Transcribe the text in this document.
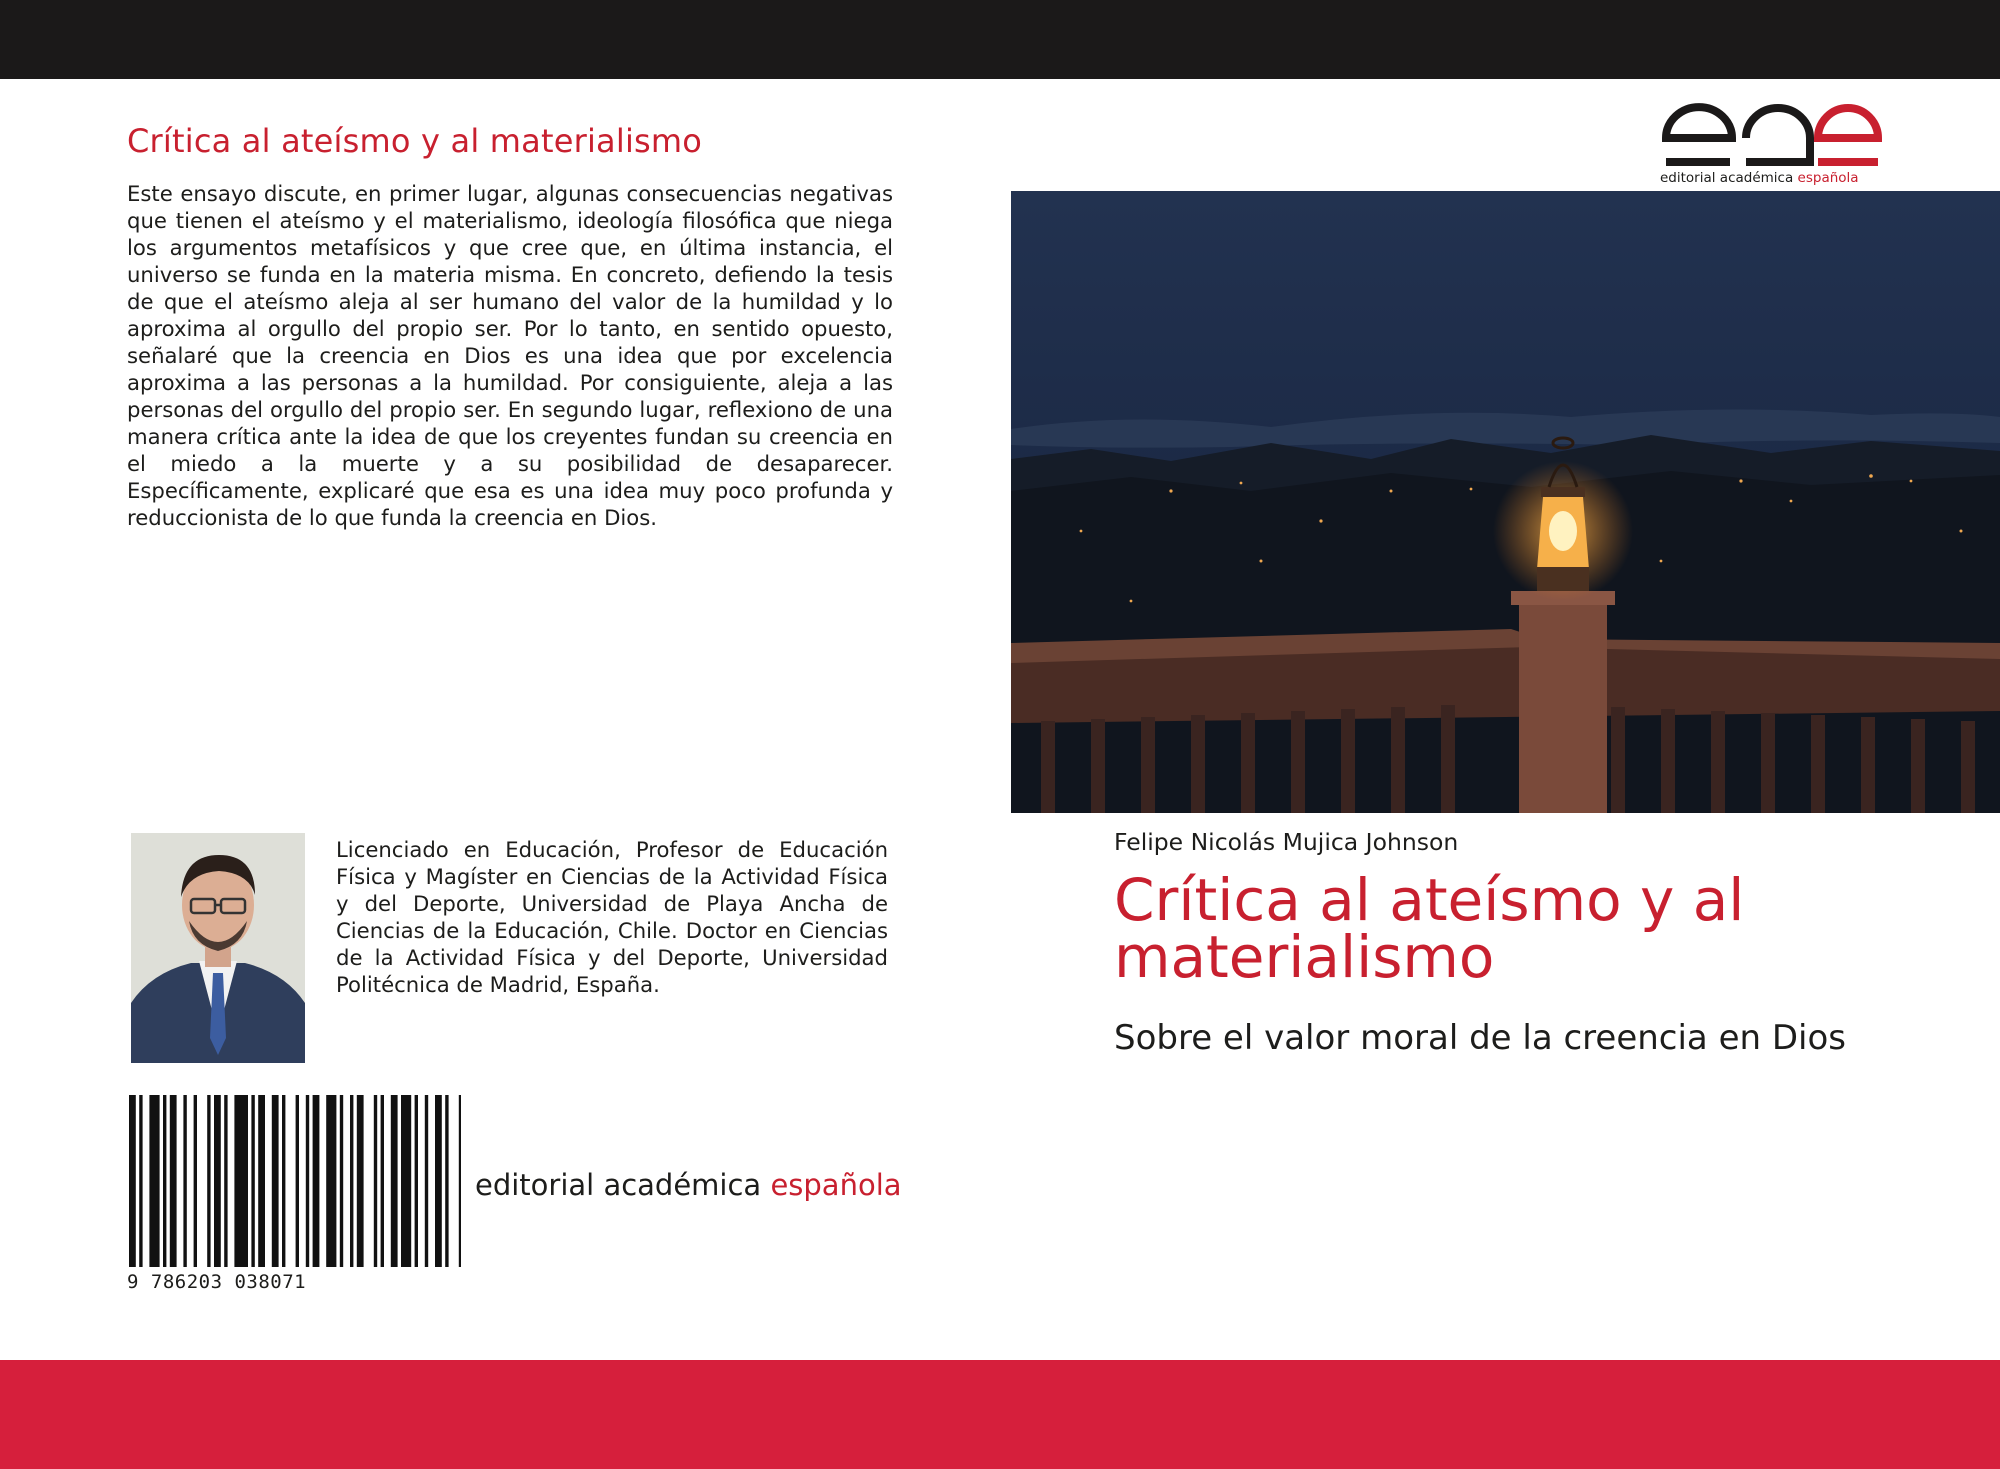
Crítica al ateísmo y al materialismo
Este ensayo discute, en primer lugar, algunas consecuencias negativas que tienen el ateísmo y el materialismo, ideología filosófica que niega los argumentos metafísicos y que cree que, en última instancia, el universo se funda en la materia misma. En concreto, defiendo la tesis de que el ateísmo aleja al ser humano del valor de la humildad y lo aproxima al orgullo del propio ser. Por lo tanto, en sentido opuesto, señalaré que la creencia en Dios es una idea que por excelencia aproxima a las personas a la humildad. Por consiguiente, aleja a las personas del orgullo del propio ser. En segundo lugar, reflexiono de una manera crítica ante la idea de que los creyentes fundan su creencia en el miedo a la muerte y a su posibilidad de desaparecer. Específicamente, explicaré que esa es una idea muy poco profunda y reduccionista de lo que funda la creencia en Dios.
Licenciado en Educación, Profesor de Educación Física y Magíster en Ciencias de la Actividad Física y del Deporte, Universidad de Playa Ancha de Ciencias de la Educación, Chile. Doctor en Ciencias de la Actividad Física y del Deporte, Universidad Politécnica de Madrid, España.
9 786203 038071
editorial académica española
editorial académica española
Felipe Nicolás Mujica Johnson
Crítica al ateísmo y al materialismo
Sobre el valor moral de la creencia en Dios
